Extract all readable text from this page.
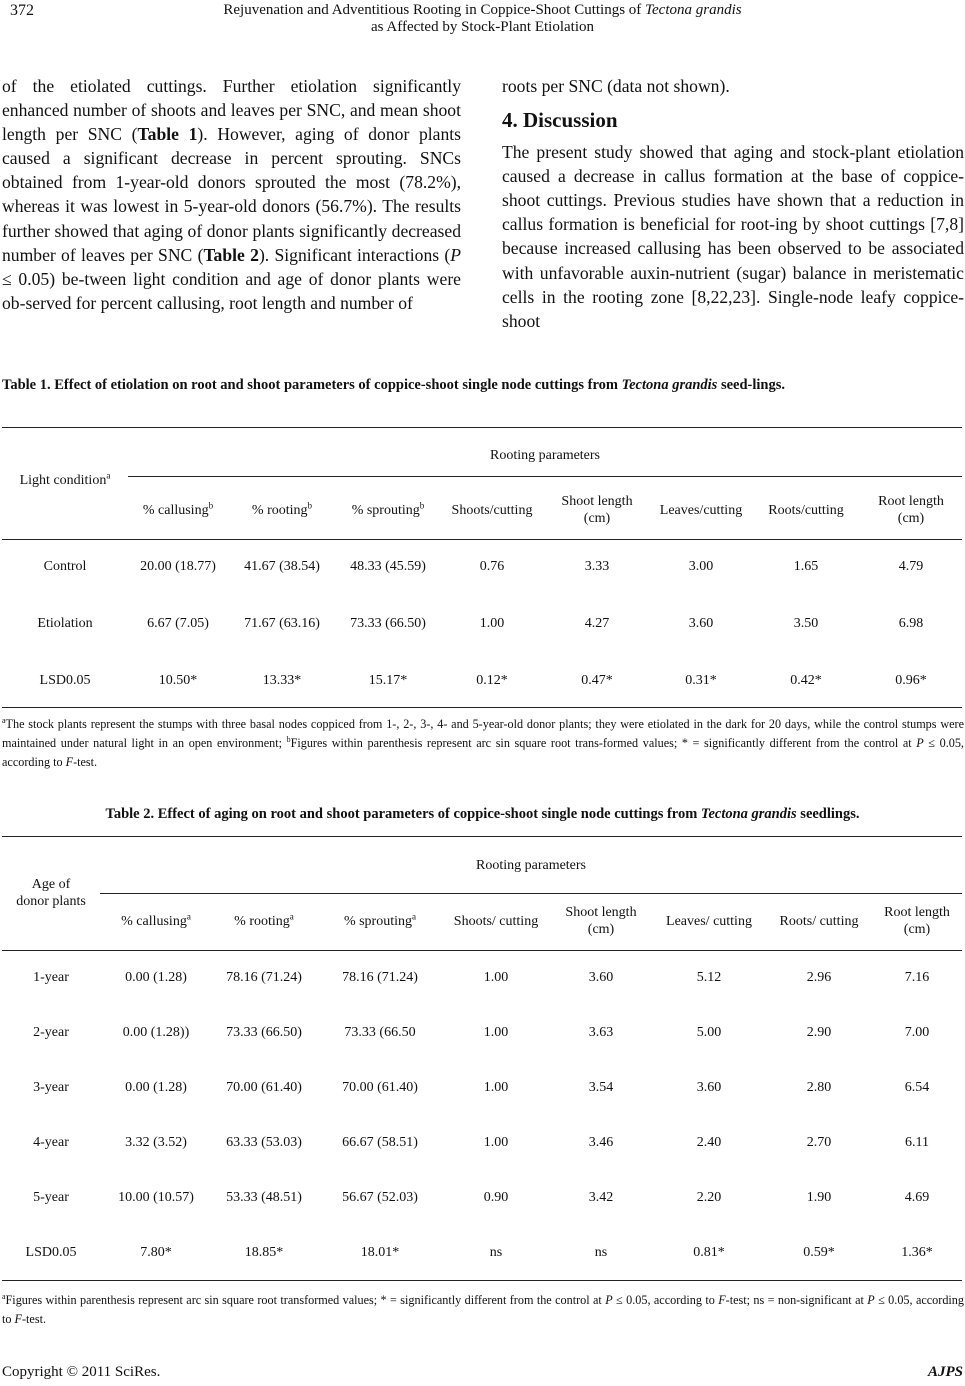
372	Rejuvenation and Adventitious Rooting in Coppice-Shoot Cuttings of Tectona grandis
as Affected by Stock-Plant Etiolation

of the etiolated cuttings. Further etiolation significantly enhanced number of shoots and leaves per SNC, and mean shoot length per SNC (Table 1). However, aging of donor plants caused a significant decrease in percent sprouting. SNCs obtained from 1-year-old donors sprouted the most (78.2%), whereas it was lowest in 5-year-old donors (56.7%). The results further showed that aging of donor plants significantly decreased number of leaves per SNC (Table 2). Significant interactions (P ≤ 0.05) be-tween light condition and age of donor plants were ob-served for percent callusing, root length and number of

roots per SNC (data not shown).

4. Discussion

The present study showed that aging and stock-plant etiolation caused a decrease in callus formation at the base of coppice-shoot cuttings. Previous studies have shown that a reduction in callus formation is beneficial for root-ing by shoot cuttings [7,8] because increased callusing has been observed to be associated with unfavorable auxin-nutrient (sugar) balance in meristematic cells in the rooting zone [8,22,23]. Single-node leafy coppice-shoot

Table 1. Effect of etiolation on root and shoot parameters of coppice-shoot single node cuttings from Tectona grandis seed-lings.
Rooting parameters
Light condition$^a$
% callusing$^b$	% rooting$^b$	% sprouting$^b$	Shoots/cutting
Shoot length
(cm)
Leaves/cutting	Roots/cutting
Root length
(cm)
Control	20.00 (18.77)	41.67 (38.54)	48.33 (45.59)	0.76	3.33	3.00	1.65	4.79
Etiolation	6.67 (7.05)	71.67 (63.16)	73.33 (66.50)	1.00	4.27	3.60	3.50	6.98
LSD0.05	10.50*	13.33*	15.17*	0.12*	0.47*	0.31*	0.42*	0.96*
$^a$The stock plants represent the stumps with three basal nodes coppiced from 1-, 2-, 3-, 4- and 5-year-old donor plants; they were etiolated in the dark for 20 days, while the control stumps were maintained under natural light in an open environment; $^b$Figures within parenthesis represent arc sin square root trans-formed values; * = significantly different from the control at P ≤ 0.05, according to F-test.
Table 2. Effect of aging on root and shoot parameters of coppice-shoot single node cuttings from Tectona grandis seedlings.
Rooting parameters
Age of
donor plants
% callusing$^a$	% rooting$^a$	% sprouting$^a$	Shoots/ cutting
Shoot length
(cm)
Leaves/ cutting	Roots/ cutting
Root length
(cm)
1-year	0.00 (1.28)	78.16 (71.24)	78.16 (71.24)	1.00	3.60	5.12	2.96	7.16
2-year	0.00 (1.28))	73.33 (66.50)	73.33 (66.50	1.00	3.63	5.00	2.90	7.00
3-year	0.00 (1.28)	70.00 (61.40)	70.00 (61.40)	1.00	3.54	3.60	2.80	6.54
4-year	3.32 (3.52)	63.33 (53.03)	66.67 (58.51)	1.00	3.46	2.40	2.70	6.11
5-year	10.00 (10.57)	53.33 (48.51)	56.67 (52.03)	0.90	3.42	2.20	1.90	4.69
LSD0.05	7.80*	18.85*	18.01*	ns	ns	0.81*	0.59*	1.36*
$^a$Figures within parenthesis represent arc sin square root transformed values; * = significantly different from the control at P ≤ 0.05, according to F-test; ns = non-significant at P ≤ 0.05, according to F-test.
Copyright © 2011 SciRes.	AJPS
